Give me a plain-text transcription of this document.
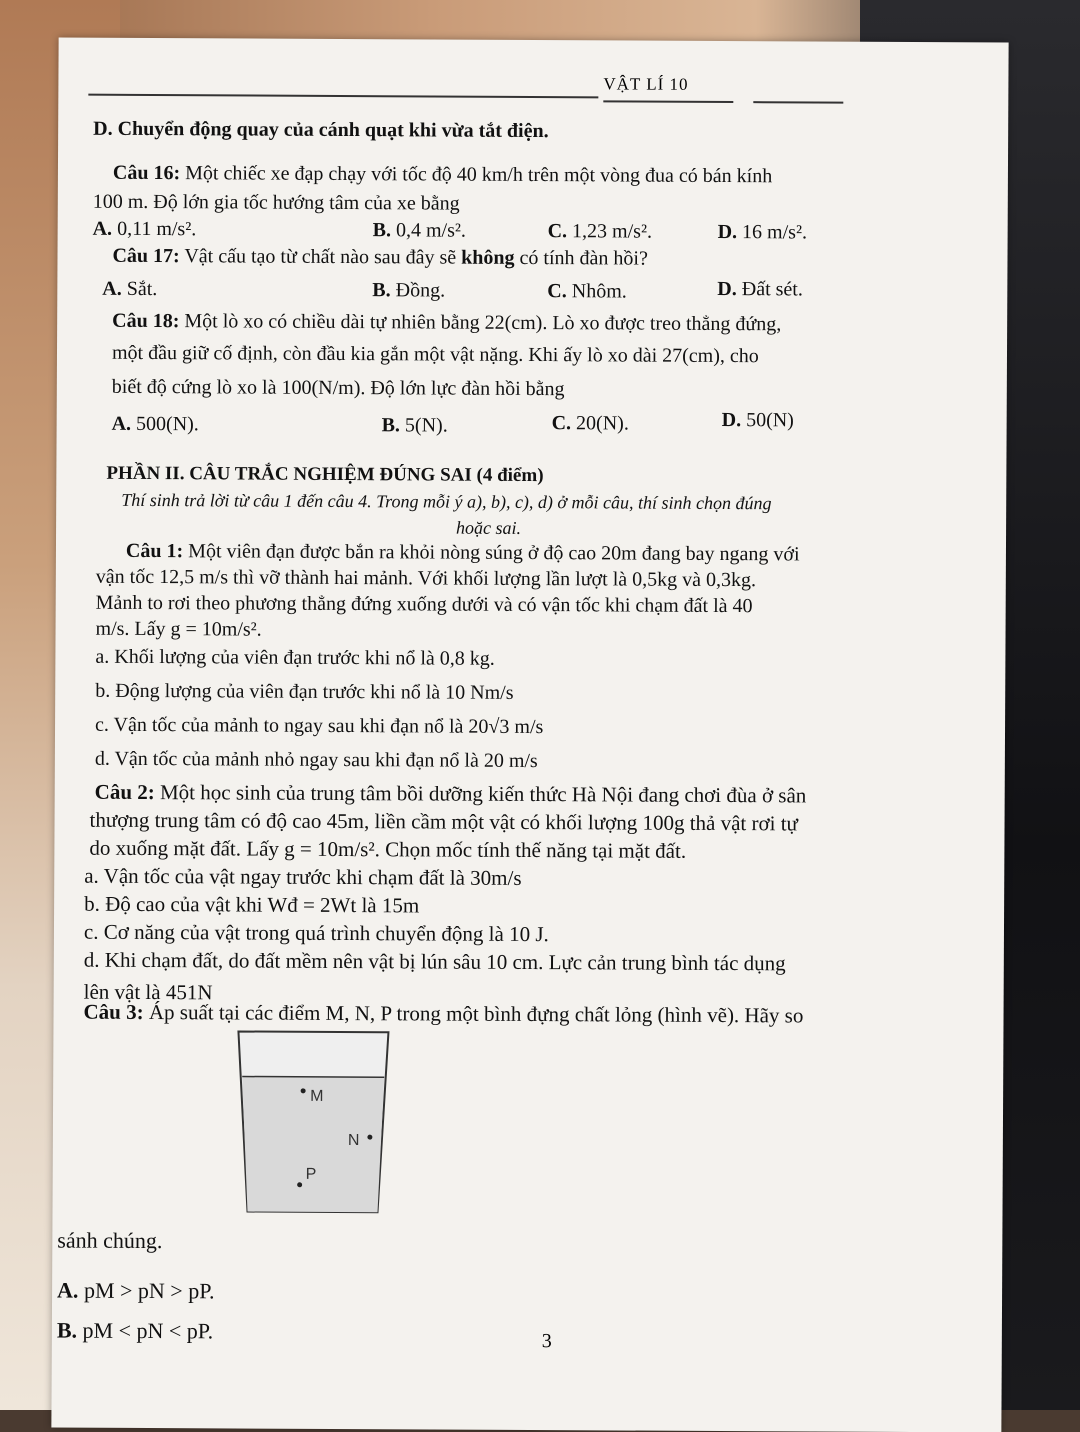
VẬT LÍ 10
D. Chuyển động quay của cánh quạt khi vừa tắt điện.
Câu 16: Một chiếc xe đạp chạy với tốc độ 40 km/h trên một vòng đua có bán kính
100 m. Độ lớn gia tốc hướng tâm của xe bằng
A. 0,11 m/s².	B. 0,4 m/s².	C. 1,23 m/s².	D. 16 m/s².
Câu 17: Vật cấu tạo từ chất nào sau đây sẽ không có tính đàn hồi?
A. Sắt.	B. Đồng.	C. Nhôm.	D. Đất sét.
Câu 18: Một lò xo có chiều dài tự nhiên bằng 22(cm). Lò xo được treo thẳng đứng,
một đầu giữ cố định, còn đầu kia gắn một vật nặng. Khi ấy lò xo dài 27(cm), cho
biết độ cứng lò xo là 100(N/m). Độ lớn lực đàn hồi bằng
A. 500(N).	B. 5(N).	C. 20(N).	D. 50(N)
PHẦN II. CÂU TRẮC NGHIỆM ĐÚNG SAI (4 điểm)
Thí sinh trả lời từ câu 1 đến câu 4. Trong mỗi ý a), b), c), d) ở mỗi câu, thí sinh chọn đúng
hoặc sai.
Câu 1: Một viên đạn được bắn ra khỏi nòng súng ở độ cao 20m đang bay ngang với
vận tốc 12,5 m/s thì vỡ thành hai mảnh. Với khối lượng lần lượt là 0,5kg và 0,3kg.
Mảnh to rơi theo phương thẳng đứng xuống dưới và có vận tốc khi chạm đất là 40
m/s. Lấy g = 10m/s².
a. Khối lượng của viên đạn trước khi nổ là 0,8 kg.
b. Động lượng của viên đạn trước khi nổ là 10 Nm/s
c. Vận tốc của mảnh to ngay sau khi đạn nổ là 20√3 m/s
d. Vận tốc của mảnh nhỏ ngay sau khi đạn nổ là 20 m/s
Câu 2: Một học sinh của trung tâm bồi dưỡng kiến thức Hà Nội đang chơi đùa ở sân
thượng trung tâm có độ cao 45m, liền cầm một vật có khối lượng 100g thả vật rơi tự
do xuống mặt đất. Lấy g = 10m/s². Chọn mốc tính thế năng tại mặt đất.
a. Vận tốc của vật ngay trước khi chạm đất là 30m/s
b. Độ cao của vật khi Wđ = 2Wt là 15m
c. Cơ năng của vật trong quá trình chuyển động là 10 J.
d. Khi chạm đất, do đất mềm nên vật bị lún sâu 10 cm. Lực cản trung bình tác dụng
lên vật là 451N
Câu 3: Áp suất tại các điểm M, N, P trong một bình đựng chất lỏng (hình vẽ). Hãy so
M
N
P
sánh chúng.
A. pM > pN > pP.
B. pM < pN < pP.	3
